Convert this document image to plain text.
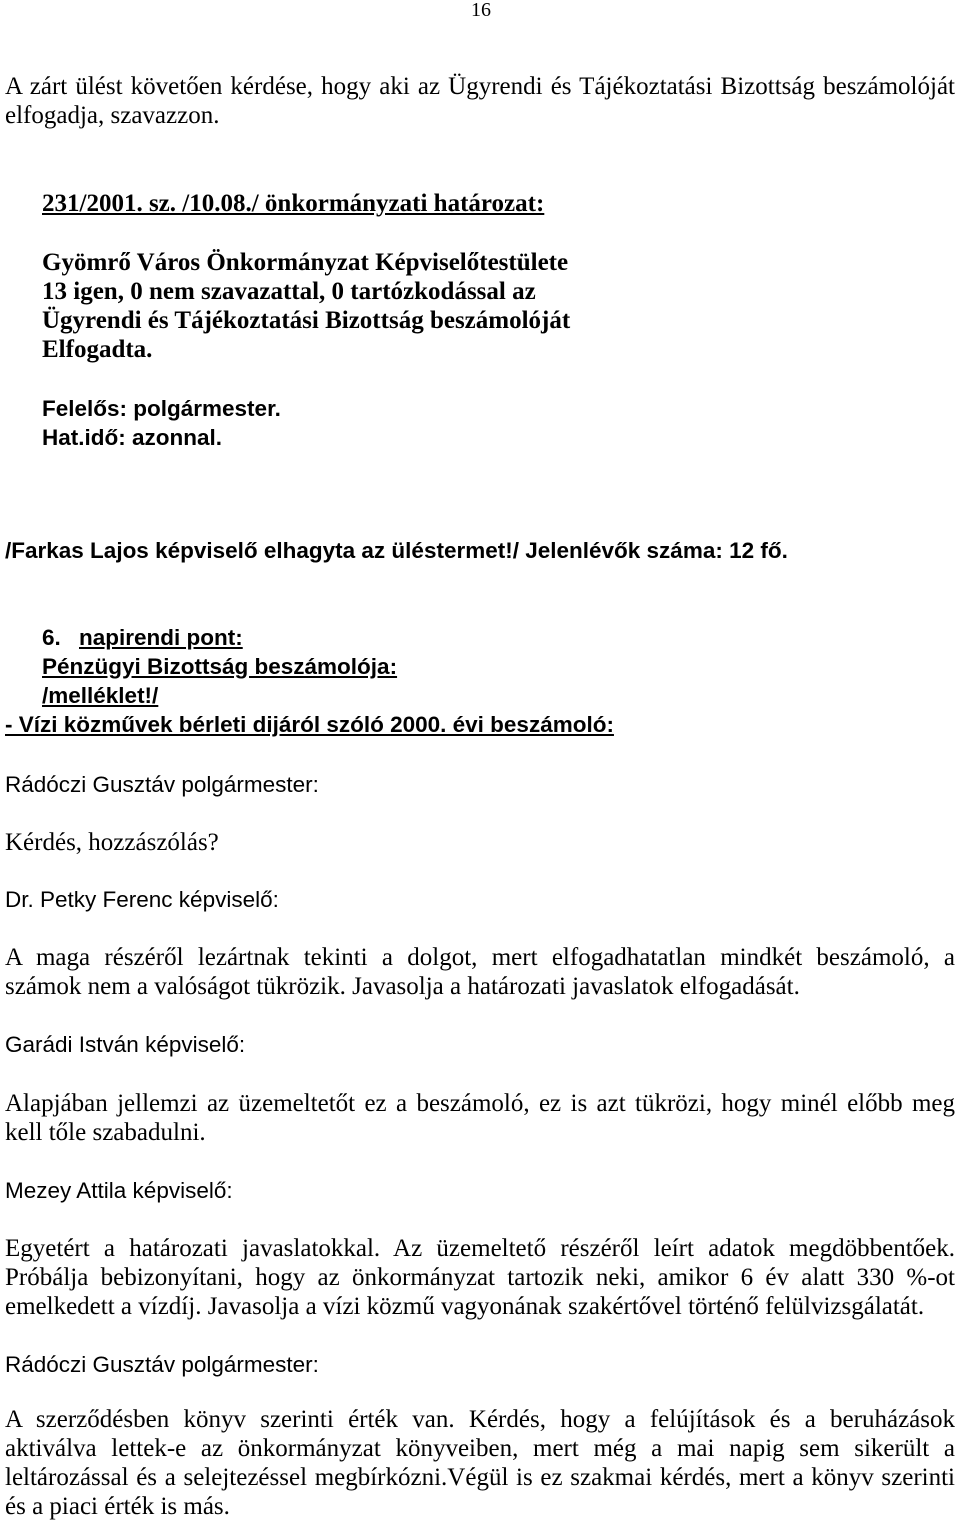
16
A zárt ülést követően kérdése, hogy aki az Ügyrendi és Tájékoztatási Bizottság beszámolóját
elfogadja, szavazzon.
231/2001. sz. /10.08./ önkormányzati határozat:
Gyömrő Város Önkormányzat Képviselőtestülete
13 igen, 0 nem szavazattal, 0 tartózkodással az
Ügyrendi és Tájékoztatási Bizottság beszámolóját
Elfogadta.
Felelős: polgármester.
Hat.idő: azonnal.
/Farkas Lajos képviselő elhagyta az üléstermet!/ Jelenlévők száma: 12 fő.
6. napirendi pont:
Pénzügyi Bizottság beszámolója:
/melléklet!/
- Vízi közművek bérleti dijáról szóló 2000. évi beszámoló:
Rádóczi Gusztáv polgármester:
Kérdés, hozzászólás?
Dr. Petky Ferenc képviselő:
A maga részéről lezártnak tekinti a dolgot, mert elfogadhatatlan mindkét beszámoló, a
számok nem a valóságot tükrözik. Javasolja a határozati javaslatok elfogadását.
Garádi István képviselő:
Alapjában jellemzi az üzemeltetőt ez a beszámoló, ez is azt tükrözi, hogy minél előbb meg
kell tőle szabadulni.
Mezey Attila képviselő:
Egyetért a határozati javaslatokkal. Az üzemeltető részéről leírt adatok megdöbbentőek.
Próbálja bebizonyítani, hogy az önkormányzat tartozik neki, amikor 6 év alatt 330 %-ot
emelkedett a vízdíj. Javasolja a vízi közmű vagyonának szakértővel történő felülvizsgálatát.
Rádóczi Gusztáv polgármester:
A szerződésben könyv szerinti érték van. Kérdés, hogy a felújítások és a beruházások
aktiválva lettek-e az önkormányzat könyveiben, mert még a mai napig sem sikerült a
leltározással és a selejtezéssel megbírkózni.Végül is ez szakmai kérdés, mert a könyv szerinti
és a piaci érték is más.
